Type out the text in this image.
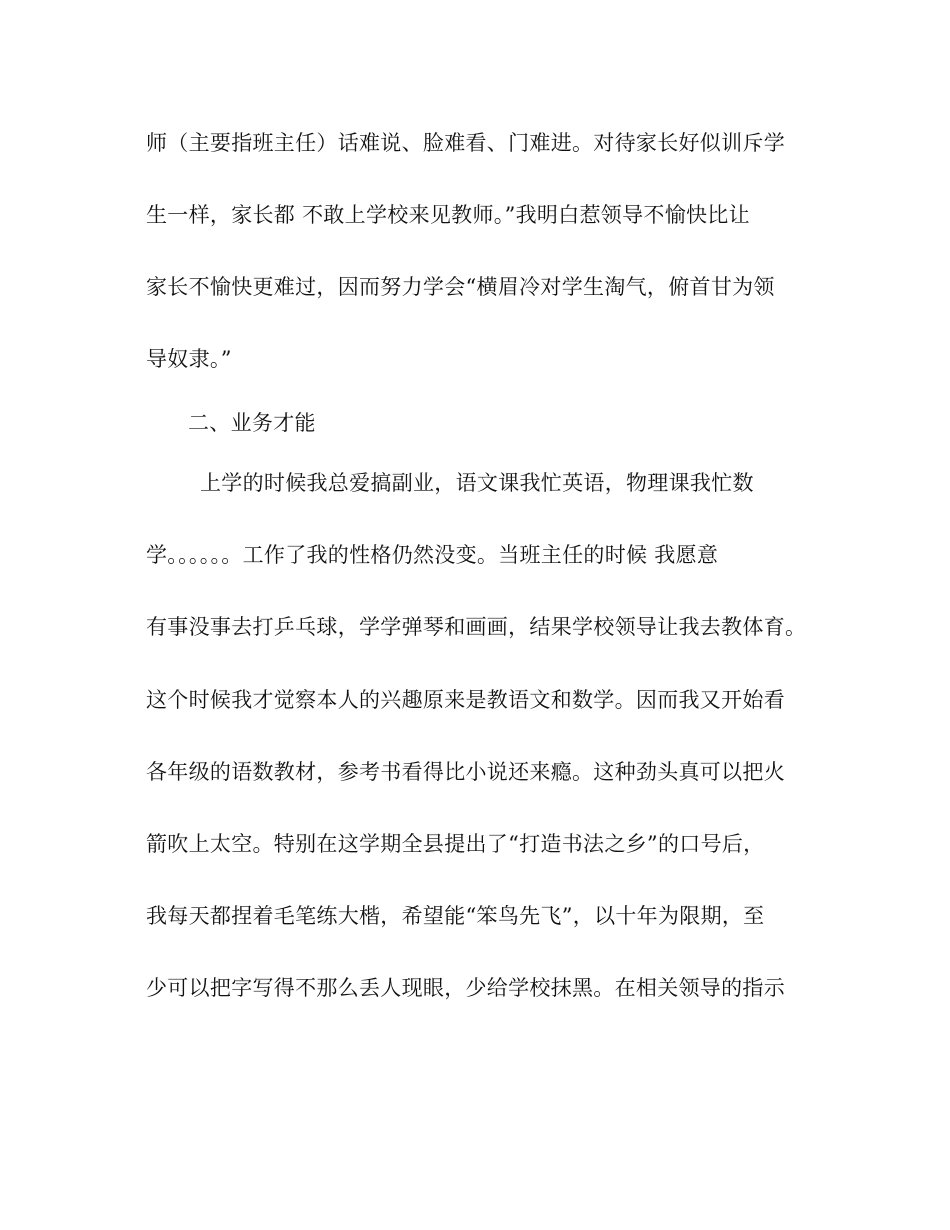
师（主要指班主任）话难说、脸难看、门难进。对待家长好似训斥学
生一样，家长都 不敢上学校来见教师。”我明白惹领导不愉快比让
家长不愉快更难过，因而努力学会“横眉冷对学生淘气，俯首甘为领
导奴隶。”
二、业务才能
上学的时候我总爱搞副业，语文课我忙英语，物理课我忙数
学。。。。。。工作了我的性格仍然没变。当班主任的时候 我愿意
有事没事去打乒乓球，学学弹琴和画画，结果学校领导让我去教体育。
这个时候我才觉察本人的兴趣原来是教语文和数学。因而我又开始看
各年级的语数教材，参考书看得比小说还来瘾。这种劲头真可以把火
箭吹上太空。特别在这学期全县提出了“打造书法之乡”的口号后，
我每天都捏着毛笔练大楷，希望能“笨鸟先飞”，以十年为限期，至
少可以把字写得不那么丢人现眼，少给学校抹黑。在相关领导的指示
